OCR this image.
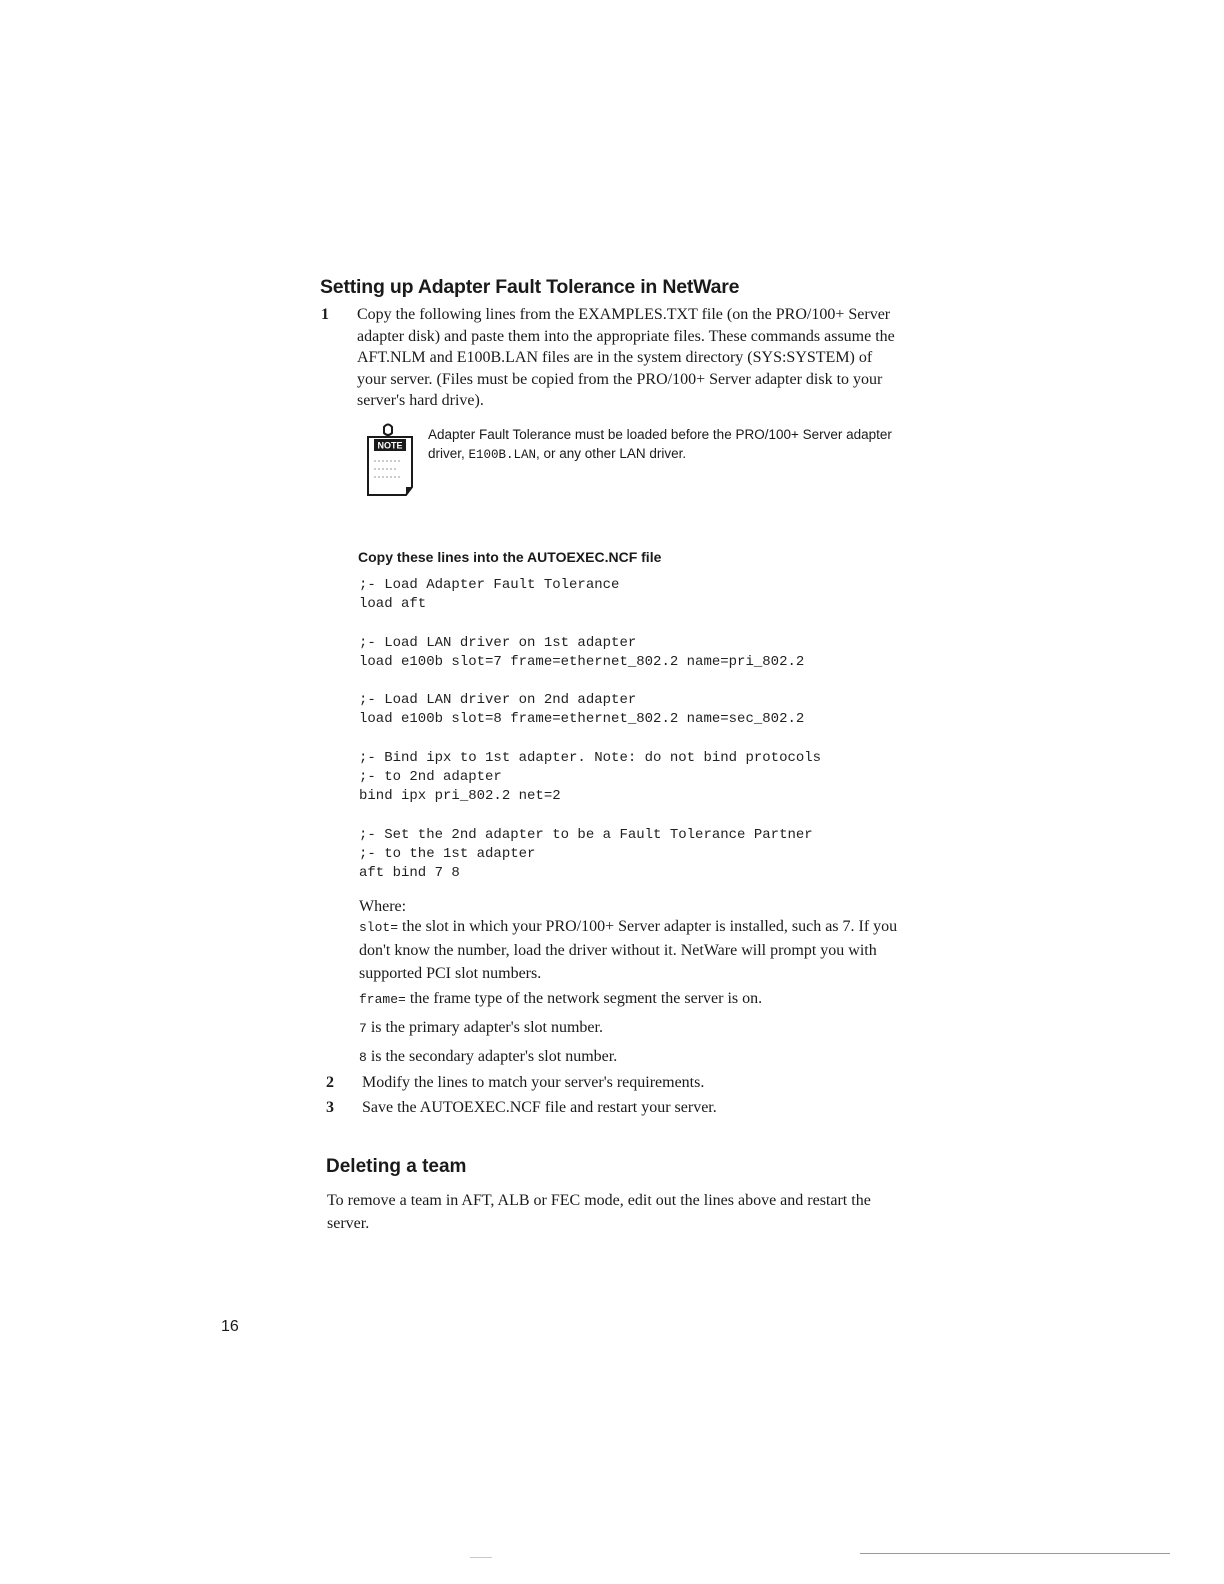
Setting up Adapter Fault Tolerance in NetWare
1 Copy the following lines from the EXAMPLES.TXT file (on the PRO/100+ Server adapter disk) and paste them into the appropriate files. These commands assume the AFT.NLM and E100B.LAN files are in the system directory (SYS:SYSTEM) of your server. (Files must be copied from the PRO/100+ Server adapter disk to your server's hard drive).
NOTE
Adapter Fault Tolerance must be loaded before the PRO/100+ Server adapter driver, E100B.LAN, or any other LAN driver.
Copy these lines into the AUTOEXEC.NCF file
;- Load Adapter Fault Tolerance
load aft

;- Load LAN driver on 1st adapter
load e100b slot=7 frame=ethernet_802.2 name=pri_802.2

;- Load LAN driver on 2nd adapter
load e100b slot=8 frame=ethernet_802.2 name=sec_802.2

;- Bind ipx to 1st adapter. Note: do not bind protocols
;- to 2nd adapter
bind ipx pri_802.2 net=2

;- Set the 2nd adapter to be a Fault Tolerance Partner
;- to the 1st adapter
aft bind 7 8
Where:
slot= the slot in which your PRO/100+ Server adapter is installed, such as 7. If you don't know the number, load the driver without it. NetWare will prompt you with supported PCI slot numbers.
frame= the frame type of the network segment the server is on.
7 is the primary adapter's slot number.
8 is the secondary adapter's slot number.
2 Modify the lines to match your server's requirements.
3 Save the AUTOEXEC.NCF file and restart your server.
Deleting a team
To remove a team in AFT, ALB or FEC mode, edit out the lines above and restart the server.
16
